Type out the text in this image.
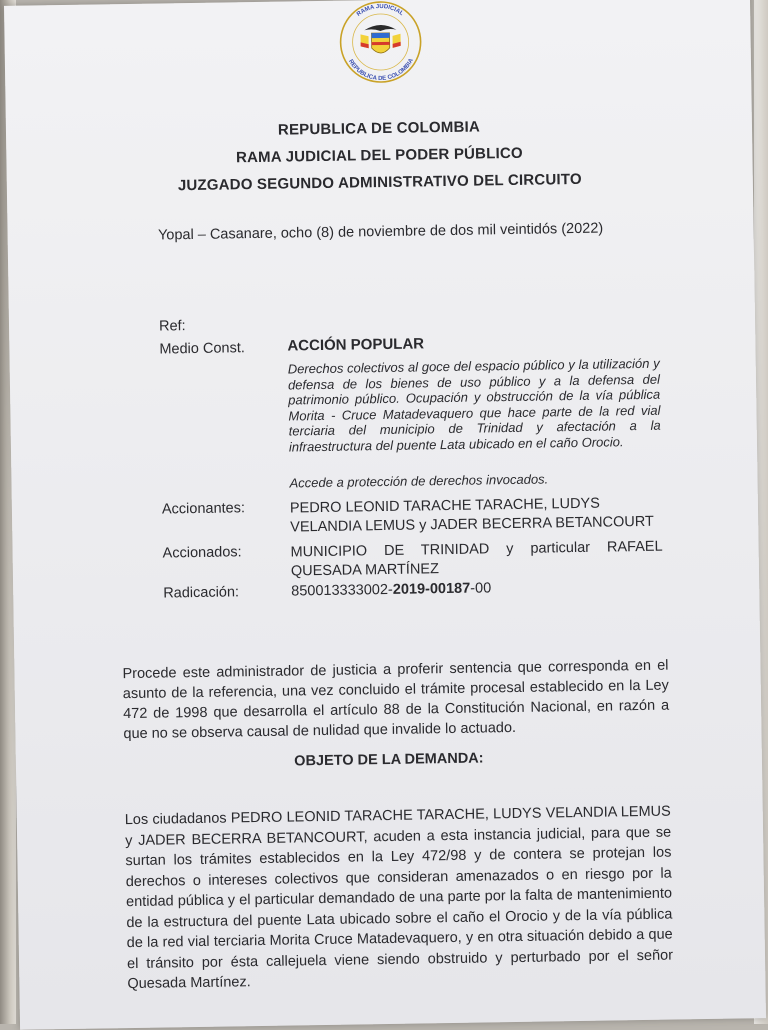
RAMA JUDICIAL
REPUBLICA DE COLOMBIA
REPUBLICA DE COLOMBIA
RAMA JUDICIAL DEL PODER PÚBLICO
JUZGADO SEGUNDO ADMINISTRATIVO DEL CIRCUITO
Yopal – Casanare, ocho (8) de noviembre de dos mil veintidós (2022)
Ref:
Medio Const.	ACCIÓN POPULAR
Derechos colectivos al goce del espacio público y la utilización y defensa de los bienes de uso público y a la defensa del patrimonio público. Ocupación y obstrucción de la vía pública Morita - Cruce Matadevaquero que hace parte de la red vial terciaria del municipio de Trinidad y afectación a la infraestructura del puente Lata ubicado en el caño Orocio.
Accede a protección de derechos invocados.
Accionantes:	PEDRO LEONID TARACHE TARACHE, LUDYS VELANDIA LEMUS y JADER BECERRA BETANCOURT
Accionados:	MUNICIPIO DE TRINIDAD y particular RAFAEL QUESADA MARTÍNEZ
Radicación:	850013333002-2019-00187-00
Procede este administrador de justicia a proferir sentencia que corresponda en el asunto de la referencia, una vez concluido el trámite procesal establecido en la Ley 472 de 1998 que desarrolla el artículo 88 de la Constitución Nacional, en razón a que no se observa causal de nulidad que invalide lo actuado.
OBJETO DE LA DEMANDA:
Los ciudadanos PEDRO LEONID TARACHE TARACHE, LUDYS VELANDIA LEMUS y JADER BECERRA BETANCOURT, acuden a esta instancia judicial, para que se surtan los trámites establecidos en la Ley 472/98 y de contera se protejan los derechos o intereses colectivos que consideran amenazados o en riesgo por la entidad pública y el particular demandado de una parte por la falta de mantenimiento de la estructura del puente Lata ubicado sobre el caño el Orocio y de la vía pública de la red vial terciaria Morita Cruce Matadevaquero, y en otra situación debido a que el tránsito por ésta callejuela viene siendo obstruido y perturbado por el señor Quesada Martínez.
